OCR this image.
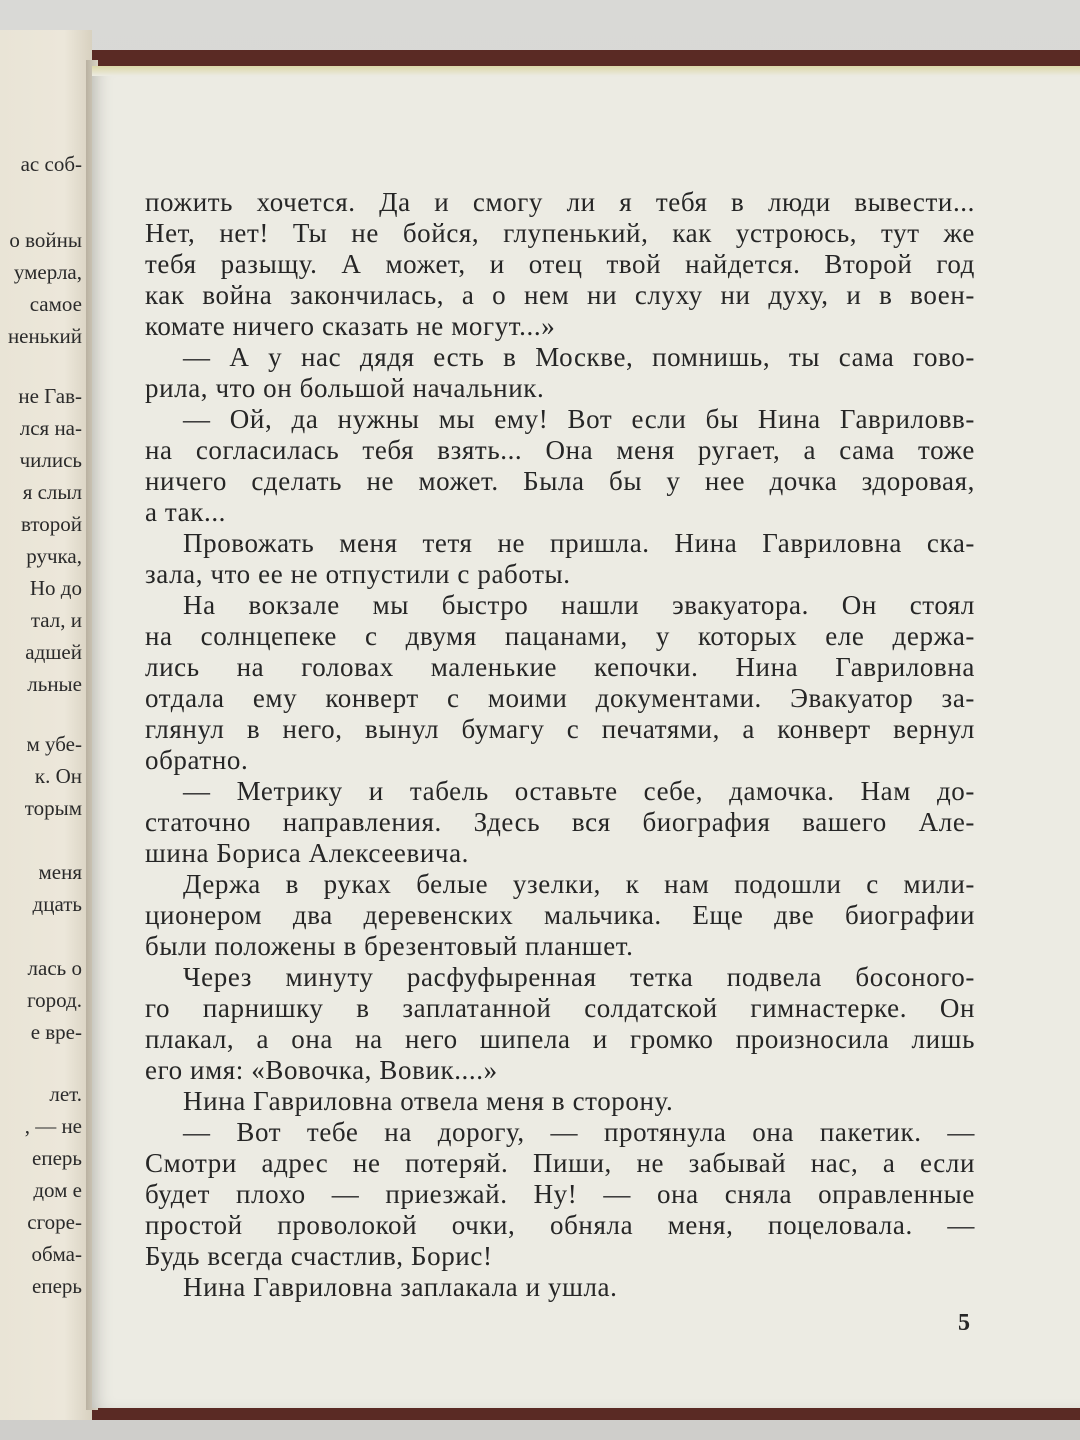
ас соб-
о войны
умерла,
самое
ненький
не Гав-
лся на-
чились
я слыл
второй
ручка,
Но до
тал, и
адшей
льные
м убе-
к. Он
торым
меня
дцать
лась о
город.
е вре-
лет.
, — не
еперь
дом е
сгоре-
обма-
еперь
пожить хочется. Да и смогу ли я тебя в люди вывести...
Нет, нет! Ты не бойся, глупенький, как устроюсь, тут же
тебя разыщу. А может, и отец твой найдется. Второй год
как война закончилась, а о нем ни слуху ни духу, и в воен-
комате ничего сказать не могут...»
— А у нас дядя есть в Москве, помнишь, ты сама гово-
рила, что он большой начальник.
— Ой, да нужны мы ему! Вот если бы Нина Гавриловв-
на согласилась тебя взять... Она меня ругает, а сама тоже
ничего сделать не может. Была бы у нее дочка здоровая,
а так...
Провожать меня тетя не пришла. Нина Гавриловна ска-
зала, что ее не отпустили с работы.
На вокзале мы быстро нашли эвакуатора. Он стоял
на солнцепеке с двумя пацанами, у которых еле держа-
лись на головах маленькие кепочки. Нина Гавриловна
отдала ему конверт с моими документами. Эвакуатор за-
глянул в него, вынул бумагу с печатями, а конверт вернул
обратно.
— Метрику и табель оставьте себе, дамочка. Нам до-
статочно направления. Здесь вся биография вашего Але-
шина Бориса Алексеевича.
Держа в руках белые узелки, к нам подошли с мили-
ционером два деревенских мальчика. Еще две биографии
были положены в брезентовый планшет.
Через минуту расфуфыренная тетка подвела босоного-
го парнишку в заплатанной солдатской гимнастерке. Он
плакал, а она на него шипела и громко произносила лишь
его имя: «Вовочка, Вовик....»
Нина Гавриловна отвела меня в сторону.
— Вот тебе на дорогу, — протянула она пакетик. —
Смотри адрес не потеряй. Пиши, не забывай нас, а если
будет плохо — приезжай. Ну! — она сняла оправленные
простой проволокой очки, обняла меня, поцеловала. —
Будь всегда счастлив, Борис!
Нина Гавриловна заплакала и ушла.
5
